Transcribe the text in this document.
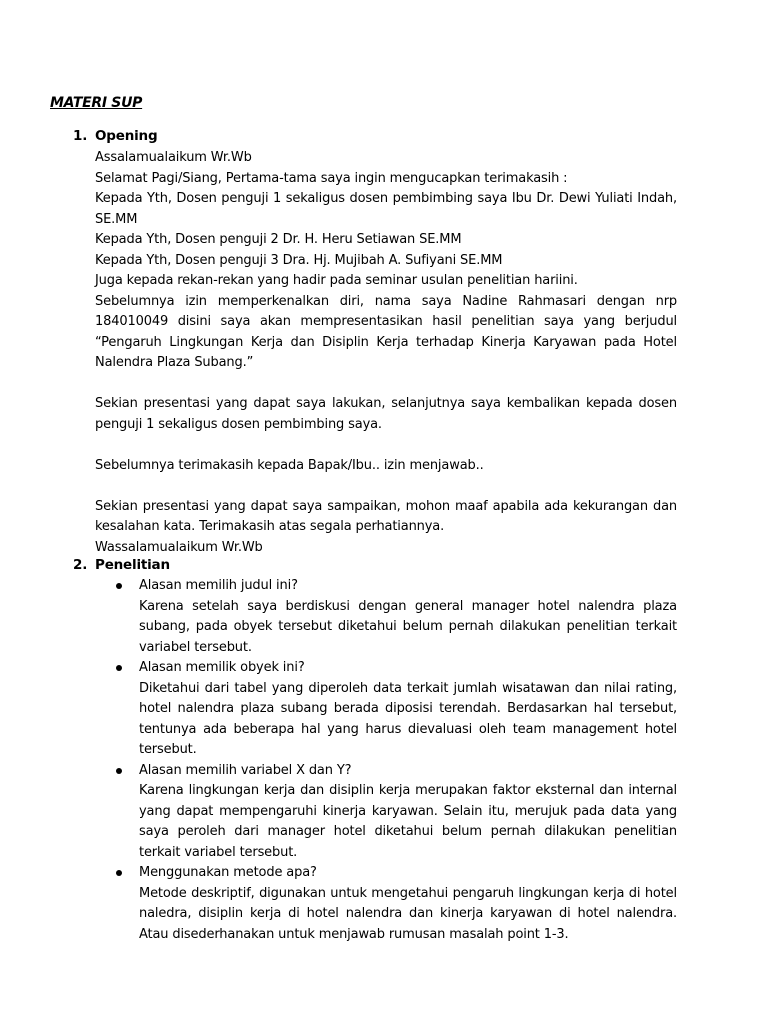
MATERI SUP
1. Opening

Assalamualaikum Wr.Wb

Selamat Pagi/Siang, Pertama-tama saya ingin mengucapkan terimakasih :

Kepada Yth, Dosen penguji 1 sekaligus dosen pembimbing saya Ibu Dr. Dewi Yuliati Indah, SE.MM

Kepada Yth, Dosen penguji 2 Dr. H. Heru Setiawan SE.MM

Kepada Yth, Dosen penguji 3 Dra. Hj. Mujibah A. Sufiyani SE.MM

Juga kepada rekan-rekan yang hadir pada seminar usulan penelitian hariini.

Sebelumnya izin memperkenalkan diri, nama saya Nadine Rahmasari dengan nrp 184010049 disini saya akan mempresentasikan hasil penelitian saya yang berjudul “Pengaruh Lingkungan Kerja dan Disiplin Kerja terhadap Kinerja Karyawan pada Hotel Nalendra Plaza Subang.”

Sekian presentasi yang dapat saya lakukan, selanjutnya saya kembalikan kepada dosen penguji 1 sekaligus dosen pembimbing saya.

Sebelumnya terimakasih kepada Bapak/Ibu.. izin menjawab..

Sekian presentasi yang dapat saya sampaikan, mohon maaf apabila ada kekurangan dan kesalahan kata. Terimakasih atas segala perhatiannya.

Wassalamualaikum Wr.Wb

2. Penelitian

Alasan memilih judul ini?

Karena setelah saya berdiskusi dengan general manager hotel nalendra plaza subang, pada obyek tersebut diketahui belum pernah dilakukan penelitian terkait variabel tersebut.

Alasan memilik obyek ini?

Diketahui dari tabel yang diperoleh data terkait jumlah wisatawan dan nilai rating, hotel nalendra plaza subang berada diposisi terendah. Berdasarkan hal tersebut, tentunya ada beberapa hal yang harus dievaluasi oleh team management hotel tersebut.

Alasan memilih variabel X dan Y?

Karena lingkungan kerja dan disiplin kerja merupakan faktor eksternal dan internal yang dapat mempengaruhi kinerja karyawan. Selain itu, merujuk pada data yang saya peroleh dari manager hotel diketahui belum pernah dilakukan penelitian terkait variabel tersebut.

Menggunakan metode apa?

Metode deskriptif, digunakan untuk mengetahui pengaruh lingkungan kerja di hotel naledra, disiplin kerja di hotel nalendra dan kinerja karyawan di hotel nalendra. Atau disederhanakan untuk menjawab rumusan masalah point 1-3.
